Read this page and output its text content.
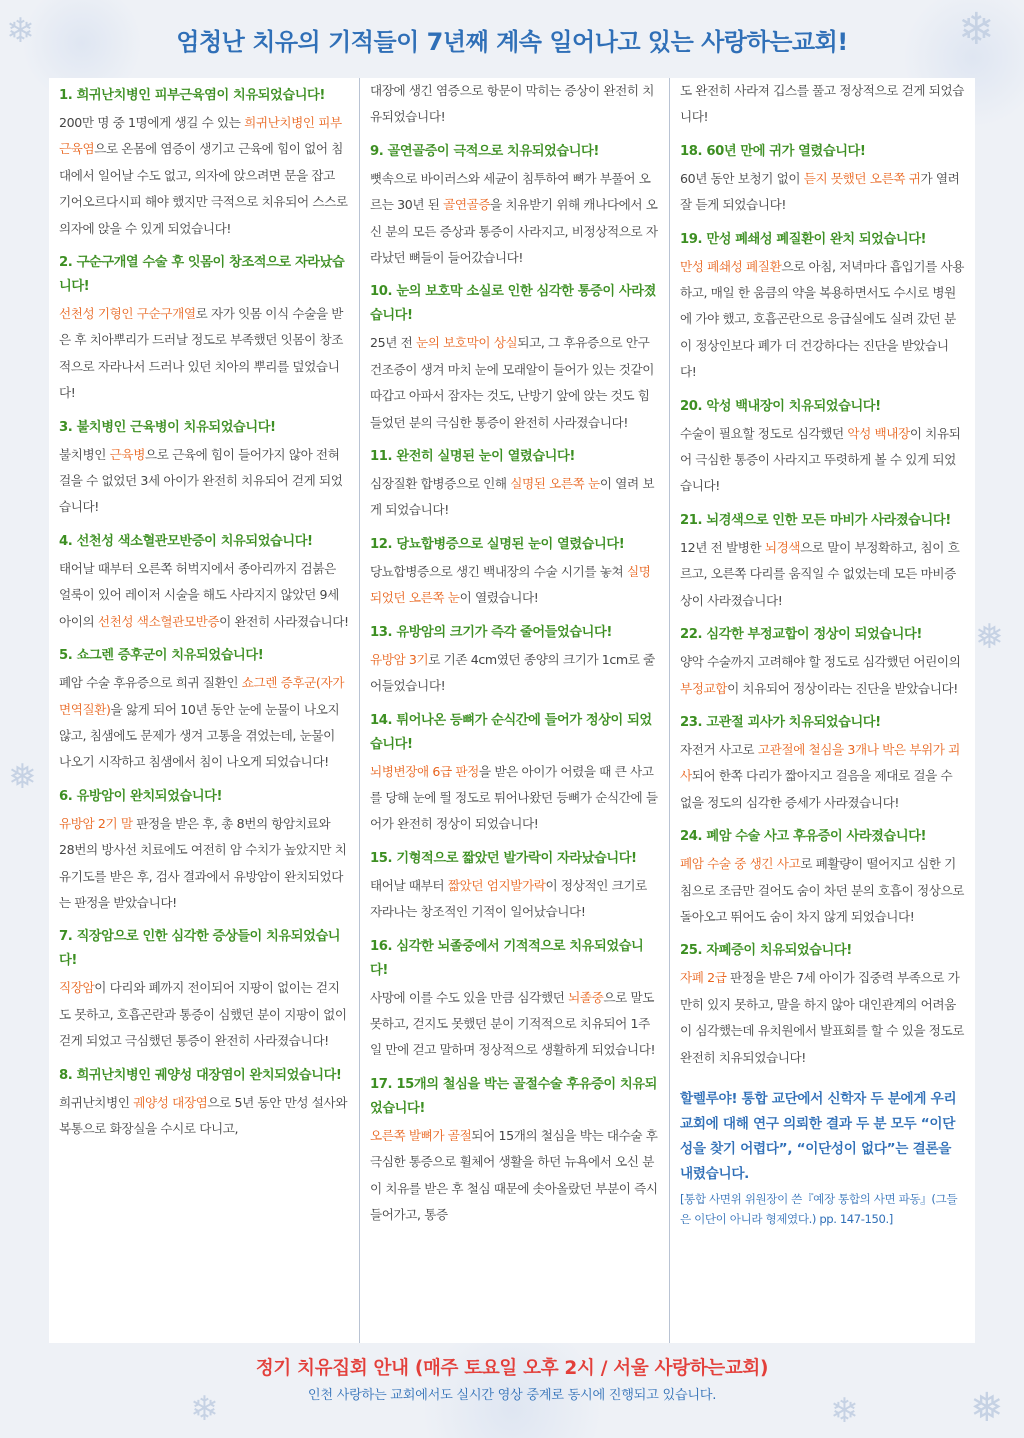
❄	❄
❅
❅
❄	❄	❅
엄청난 치유의 기적들이 7년째 계속 일어나고 있는 사랑하는교회!
1. 희귀난치병인 피부근육염이 치유되었습니다!

200만 명 중 1명에게 생길 수 있는 희귀난치병인 피부근육염으로 온몸에 염증이 생기고 근육에 힘이 없어 침대에서 일어날 수도 없고, 의자에 앉으려면 문을 잡고 기어오르다시피 해야 했지만 극적으로 치유되어 스스로 의자에 앉을 수 있게 되었습니다!

2. 구순구개열 수술 후 잇몸이 창조적으로 자라났습니다!

선천성 기형인 구순구개열로 자가 잇몸 이식 수술을 받은 후 치아뿌리가 드러날 정도로 부족했던 잇몸이 창조적으로 자라나서 드러나 있던 치아의 뿌리를 덮었습니다!

3. 불치병인 근육병이 치유되었습니다!

불치병인 근육병으로 근육에 힘이 들어가지 않아 전혀 걸을 수 없었던 3세 아이가 완전히 치유되어 걷게 되었습니다!

4. 선천성 색소혈관모반증이 치유되었습니다!

태어날 때부터 오른쪽 허벅지에서 종아리까지 검붉은 얼룩이 있어 레이저 시술을 해도 사라지지 않았던 9세 아이의 선천성 색소혈관모반증이 완전히 사라졌습니다!

5. 쇼그렌 증후군이 치유되었습니다!

폐암 수술 후유증으로 희귀 질환인 쇼그렌 증후군(자가면역질환)을 앓게 되어 10년 동안 눈에 눈물이 나오지 않고, 침샘에도 문제가 생겨 고통을 겪었는데, 눈물이 나오기 시작하고 침샘에서 침이 나오게 되었습니다!

6. 유방암이 완치되었습니다!

유방암 2기 말 판정을 받은 후, 총 8번의 항암치료와 28번의 방사선 치료에도 여전히 암 수치가 높았지만 치유기도를 받은 후, 검사 결과에서 유방암이 완치되었다는 판정을 받았습니다!

7. 직장암으로 인한 심각한 증상들이 치유되었습니다!

직장암이 다리와 폐까지 전이되어 지팡이 없이는 걷지도 못하고, 호흡곤란과 통증이 심했던 분이 지팡이 없이 걷게 되었고 극심했던 통증이 완전히 사라졌습니다!

8. 희귀난치병인 궤양성 대장염이 완치되었습니다!

희귀난치병인 궤양성 대장염으로 5년 동안 만성 설사와 복통으로 화장실을 수시로 다니고,

대장에 생긴 염증으로 항문이 막히는 증상이 완전히 치유되었습니다!

9. 골연골증이 극적으로 치유되었습니다!

뼛속으로 바이러스와 세균이 침투하여 뼈가 부풀어 오르는 30년 된 골연골증을 치유받기 위해 캐나다에서 오신 분의 모든 증상과 통증이 사라지고, 비정상적으로 자라났던 뼈들이 들어갔습니다!

10. 눈의 보호막 소실로 인한 심각한 통증이 사라졌습니다!

25년 전 눈의 보호막이 상실되고, 그 후유증으로 안구건조증이 생겨 마치 눈에 모래알이 들어가 있는 것같이 따갑고 아파서 잠자는 것도, 난방기 앞에 앉는 것도 힘들었던 분의 극심한 통증이 완전히 사라졌습니다!

11. 완전히 실명된 눈이 열렸습니다!

심장질환 합병증으로 인해 실명된 오른쪽 눈이 열려 보게 되었습니다!

12. 당뇨합병증으로 실명된 눈이 열렸습니다!

당뇨합병증으로 생긴 백내장의 수술 시기를 놓쳐 실명되었던 오른쪽 눈이 열렸습니다!

13. 유방암의 크기가 즉각 줄어들었습니다!

유방암 3기로 기존 4cm였던 종양의 크기가 1cm로 줄어들었습니다!

14. 튀어나온 등뼈가 순식간에 들어가 정상이 되었습니다!

뇌병변장애 6급 판정을 받은 아이가 어렸을 때 큰 사고를 당해 눈에 띌 정도로 튀어나왔던 등뼈가 순식간에 들어가 완전히 정상이 되었습니다!

15. 기형적으로 짧았던 발가락이 자라났습니다!

태어날 때부터 짧았던 엄지발가락이 정상적인 크기로 자라나는 창조적인 기적이 일어났습니다!

16. 심각한 뇌졸중에서 기적적으로 치유되었습니다!

사망에 이를 수도 있을 만큼 심각했던 뇌졸중으로 말도 못하고, 걷지도 못했던 분이 기적적으로 치유되어 1주일 만에 걷고 말하며 정상적으로 생활하게 되었습니다!

17. 15개의 철심을 박는 골절수술 후유증이 치유되었습니다!

오른쪽 발뼈가 골절되어 15개의 철심을 박는 대수술 후 극심한 통증으로 휠체어 생활을 하던 뉴욕에서 오신 분이 치유를 받은 후 철심 때문에 솟아올랐던 부분이 즉시 들어가고, 통증

도 완전히 사라져 깁스를 풀고 정상적으로 걷게 되었습니다!

18. 60년 만에 귀가 열렸습니다!

60년 동안 보청기 없이 듣지 못했던 오른쪽 귀가 열려 잘 듣게 되었습니다!

19. 만성 폐쇄성 폐질환이 완치 되었습니다!

만성 폐쇄성 폐질환으로 아침, 저녁마다 흡입기를 사용하고, 매일 한 움큼의 약을 복용하면서도 수시로 병원에 가야 했고, 호흡곤란으로 응급실에도 실려 갔던 분이 정상인보다 폐가 더 건강하다는 진단을 받았습니다!

20. 악성 백내장이 치유되었습니다!

수술이 필요할 정도로 심각했던 악성 백내장이 치유되어 극심한 통증이 사라지고 뚜렷하게 볼 수 있게 되었습니다!

21. 뇌경색으로 인한 모든 마비가 사라졌습니다!

12년 전 발병한 뇌경색으로 말이 부정확하고, 침이 흐르고, 오른쪽 다리를 움직일 수 없었는데 모든 마비증상이 사라졌습니다!

22. 심각한 부정교합이 정상이 되었습니다!

양악 수술까지 고려해야 할 정도로 심각했던 어린이의 부정교합이 치유되어 정상이라는 진단을 받았습니다!

23. 고관절 괴사가 치유되었습니다!

자전거 사고로 고관절에 철심을 3개나 박은 부위가 괴사되어 한쪽 다리가 짧아지고 걸음을 제대로 걸을 수 없을 정도의 심각한 증세가 사라졌습니다!

24. 폐암 수술 사고 후유증이 사라졌습니다!

폐암 수술 중 생긴 사고로 폐활량이 떨어지고 심한 기침으로 조금만 걸어도 숨이 차던 분의 호흡이 정상으로 돌아오고 뛰어도 숨이 차지 않게 되었습니다!

25. 자폐증이 치유되었습니다!

자폐 2급 판정을 받은 7세 아이가 집중력 부족으로 가만히 있지 못하고, 말을 하지 않아 대인관계의 어려움이 심각했는데 유치원에서 발표회를 할 수 있을 정도로 완전히 치유되었습니다!

할렐루야! 통합 교단에서 신학자 두 분에게 우리 교회에 대해 연구 의뢰한 결과 두 분 모두 “이단성을 찾기 어렵다”, “이단성이 없다”는 결론을 내렸습니다.

[통합 사면위 위원장이 쓴『예장 통합의 사면 파동』(그들은 이단이 아니라 형제였다.) pp. 147-150.]

정기 치유집회 안내 (매주 토요일 오후 2시 / 서울 사랑하는교회)

인천 사랑하는 교회에서도 실시간 영상 중계로 동시에 진행되고 있습니다.
